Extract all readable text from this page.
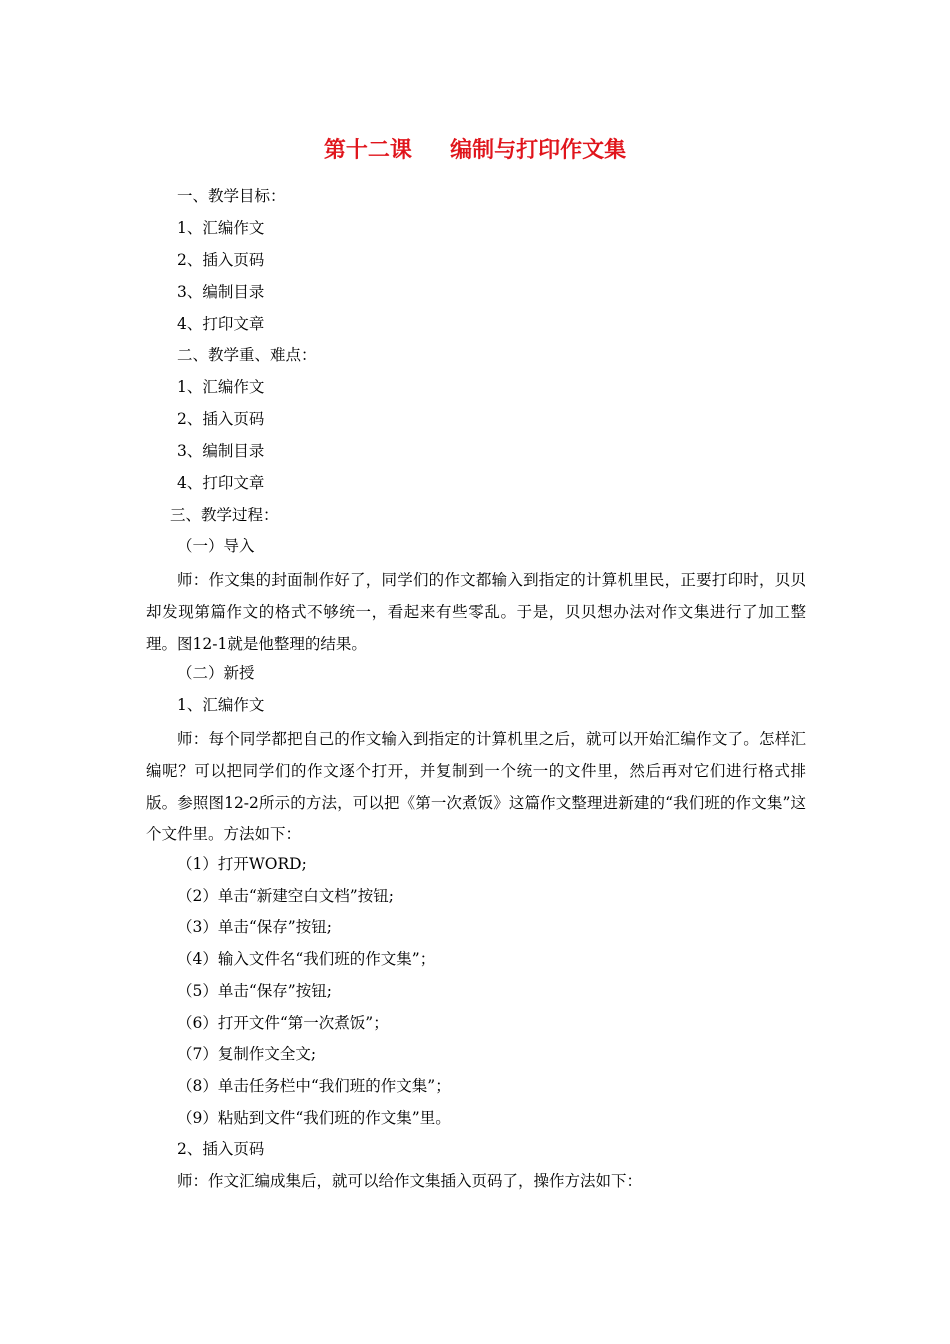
第十二课     编制与打印作文集
一、教学目标：
1、汇编作文
2、插入页码
3、编制目录
4、打印文章
二、教学重、难点：
1、汇编作文
2、插入页码
3、编制目录
4、打印文章
三、教学过程：
（一）导入
师：作文集的封面制作好了，同学们的作文都输入到指定的计算机里民，正要打印时，贝贝却发现第篇作文的格式不够统一，看起来有些零乱。于是，贝贝想办法对作文集进行了加工整理。图12-1就是他整理的结果。
（二）新授
1、汇编作文
师：每个同学都把自己的作文输入到指定的计算机里之后，就可以开始汇编作文了。怎样汇编呢？可以把同学们的作文逐个打开，并复制到一个统一的文件里，然后再对它们进行格式排版。参照图12-2所示的方法，可以把《第一次煮饭》这篇作文整理进新建的“我们班的作文集”这个文件里。方法如下：
（1）打开WORD;
（2）单击“新建空白文档”按钮;
（3）单击“保存”按钮;
（4）输入文件名“我们班的作文集”；
（5）单击“保存”按钮;
（6）打开文件“第一次煮饭”；
（7）复制作文全文;
（8）单击任务栏中“我们班的作文集”；
（9）粘贴到文件“我们班的作文集”里。
2、插入页码
师：作文汇编成集后，就可以给作文集插入页码了，操作方法如下：
